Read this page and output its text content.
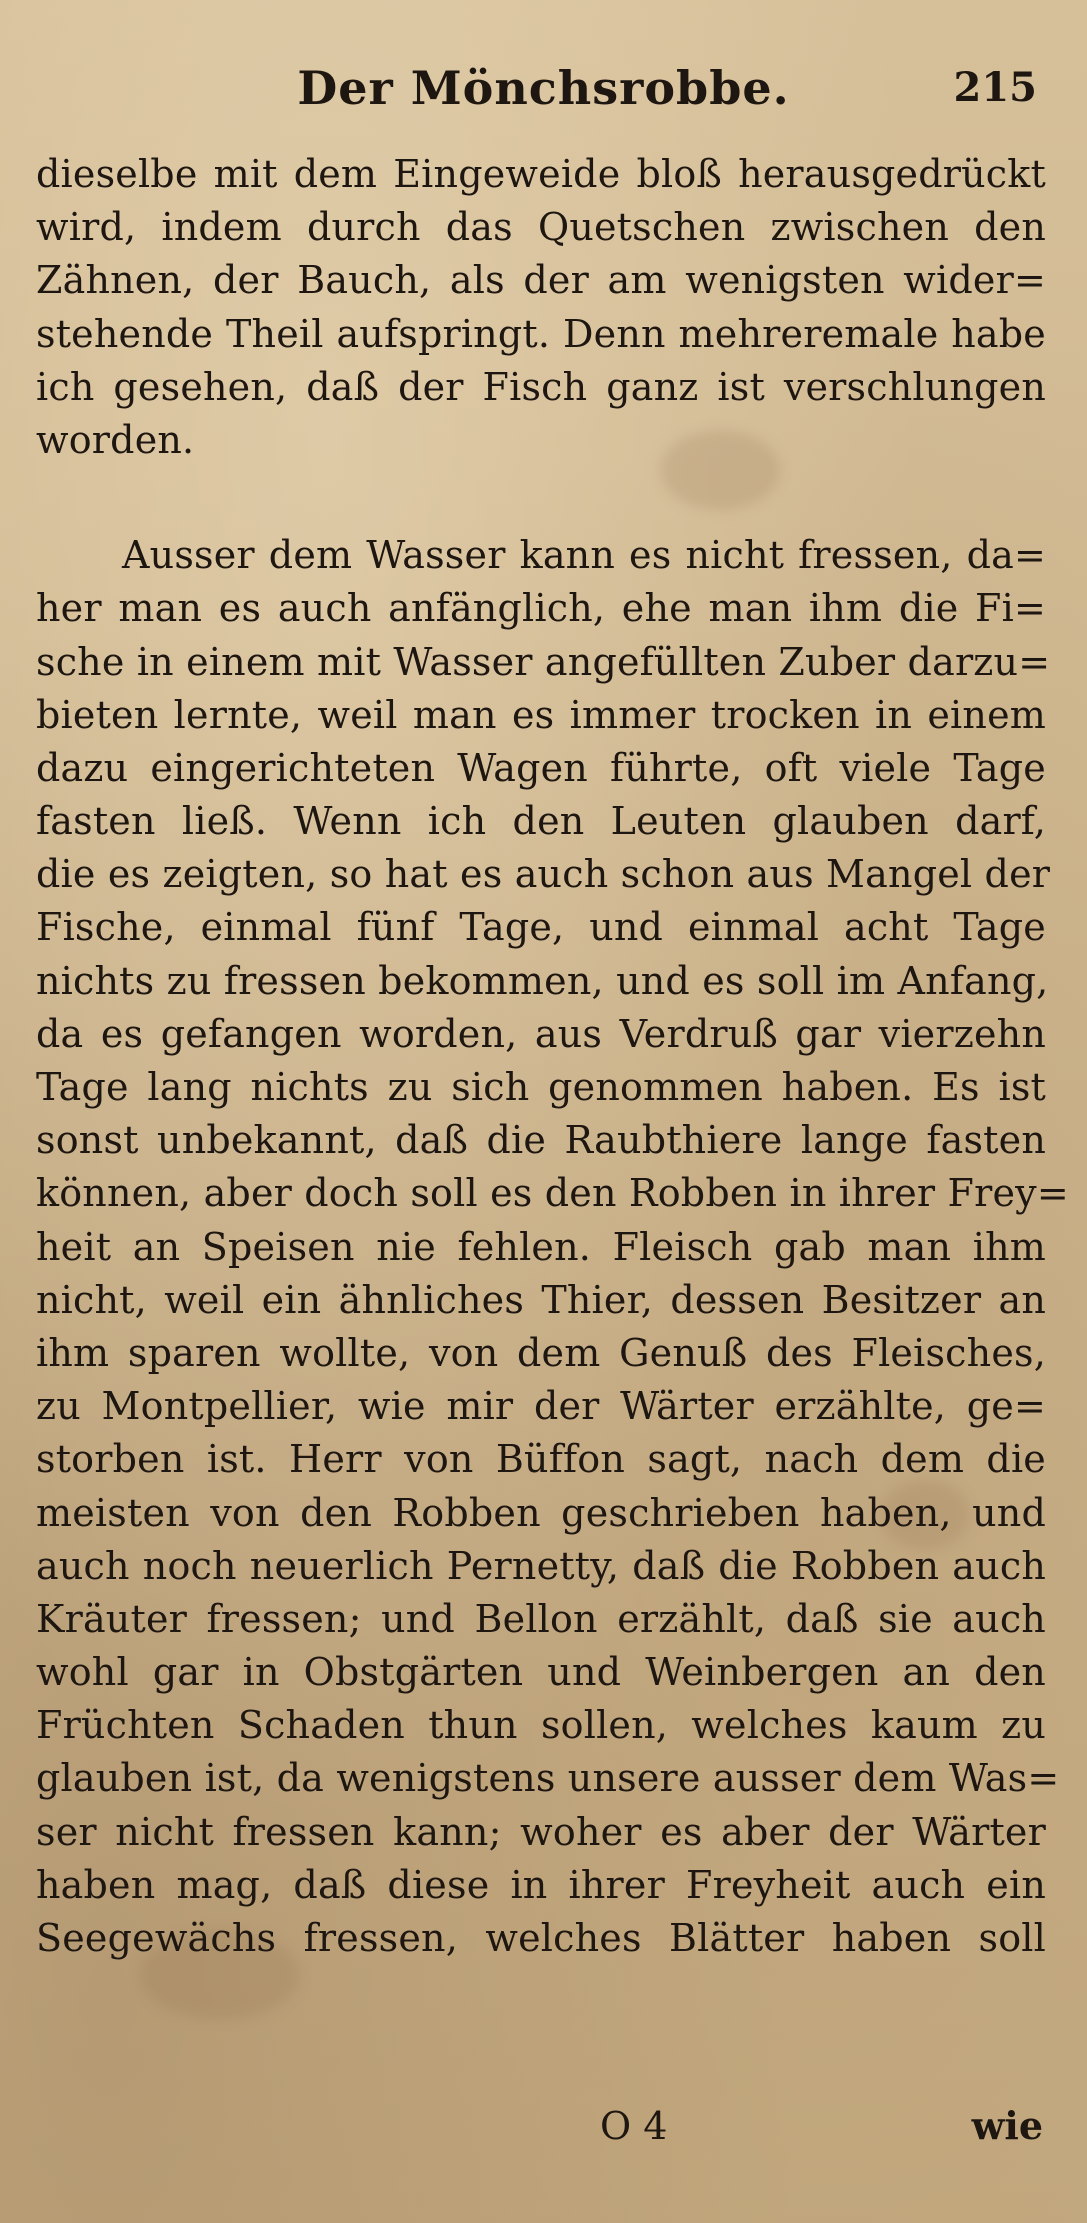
Der Mönchsrobbe.	215
dieselbe mit dem Eingeweide bloß herausgedrückt
wird, indem durch das Quetschen zwischen den
Zähnen, der Bauch, als der am wenigsten wider=
stehende Theil aufspringt. Denn mehreremale habe
ich gesehen, daß der Fisch ganz ist verschlungen
worden.
Ausser dem Wasser kann es nicht fressen, da=
her man es auch anfänglich, ehe man ihm die Fi=
sche in einem mit Wasser angefüllten Zuber darzu=
bieten lernte, weil man es immer trocken in einem
dazu eingerichteten Wagen führte, oft viele Tage
fasten ließ. Wenn ich den Leuten glauben darf,
die es zeigten, so hat es auch schon aus Mangel der
Fische, einmal fünf Tage, und einmal acht Tage
nichts zu fressen bekommen, und es soll im Anfang,
da es gefangen worden, aus Verdruß gar vierzehn
Tage lang nichts zu sich genommen haben. Es ist
sonst unbekannt, daß die Raubthiere lange fasten
können, aber doch soll es den Robben in ihrer Frey=
heit an Speisen nie fehlen. Fleisch gab man ihm
nicht, weil ein ähnliches Thier, dessen Besitzer an
ihm sparen wollte, von dem Genuß des Fleisches,
zu Montpellier, wie mir der Wärter erzählte, ge=
storben ist. Herr von Büffon sagt, nach dem die
meisten von den Robben geschrieben haben, und
auch noch neuerlich Pernetty, daß die Robben auch
Kräuter fressen; und Bellon erzählt, daß sie auch
wohl gar in Obstgärten und Weinbergen an den
Früchten Schaden thun sollen, welches kaum zu
glauben ist, da wenigstens unsere ausser dem Was=
ser nicht fressen kann; woher es aber der Wärter
haben mag, daß diese in ihrer Freyheit auch ein
Seegewächs fressen, welches Blätter haben soll
O 4	wie
